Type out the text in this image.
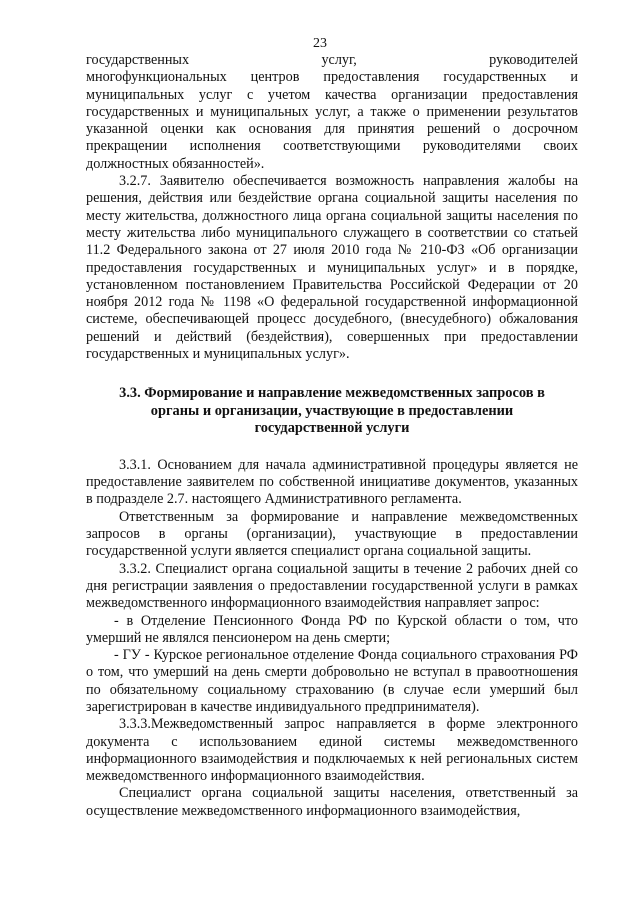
23

государственных	услуг,	руководителей

многофункциональных центров предоставления государственных и муниципальных услуг с учетом качества организации предоставления государственных и муниципальных услуг, а также о применении результатов указанной оценки как основания для принятия решений о досрочном прекращении исполнения соответствующими руководителями своих должностных обязанностей».

3.2.7. Заявителю обеспечивается возможность направления жалобы на решения, действия или бездействие органа социальной защиты населения по месту жительства, должностного лица органа социальной защиты населения по месту жительства либо муниципального служащего в соответствии со статьей 11.2 Федерального закона от 27 июля 2010 года № 210-ФЗ «Об организации предоставления государственных и муниципальных услуг» и в порядке, установленном постановлением Правительства Российской Федерации от 20 ноября 2012 года № 1198 «О федеральной государственной информационной системе, обеспечивающей процесс досудебного, (внесудебного) обжалования решений и действий (бездействия), совершенных при предоставлении государственных и муниципальных услуг».

3.3. Формирование и направление межведомственных запросов в
органы и организации, участвующие в предоставлении
государственной услуги

3.3.1. Основанием для начала административной процедуры является не предоставление заявителем по собственной инициативе документов, указанных в подразделе 2.7. настоящего Административного регламента.

Ответственным за формирование и направление межведомственных запросов в органы (организации), участвующие в предоставлении государственной услуги является специалист органа социальной защиты.

3.3.2. Специалист органа социальной защиты в течение 2 рабочих дней со дня регистрации заявления о предоставлении государственной услуги в рамках межведомственного информационного взаимодействия направляет запрос:

- в Отделение Пенсионного Фонда РФ по Курской области о том, что умерший не являлся пенсионером на день смерти;

- ГУ - Курское региональное отделение Фонда социального страхования РФ о том, что умерший на день смерти добровольно не вступал в правоотношения по обязательному социальному страхованию (в случае если умерший был зарегистрирован в качестве индивидуального предпринимателя).

3.3.3.Межведомственный запрос направляется в форме электронного документа с использованием единой системы межведомственного информационного взаимодействия и подключаемых к ней региональных систем межведомственного информационного взаимодействия.

Специалист органа социальной защиты населения, ответственный за осуществление межведомственного информационного взаимодействия,
